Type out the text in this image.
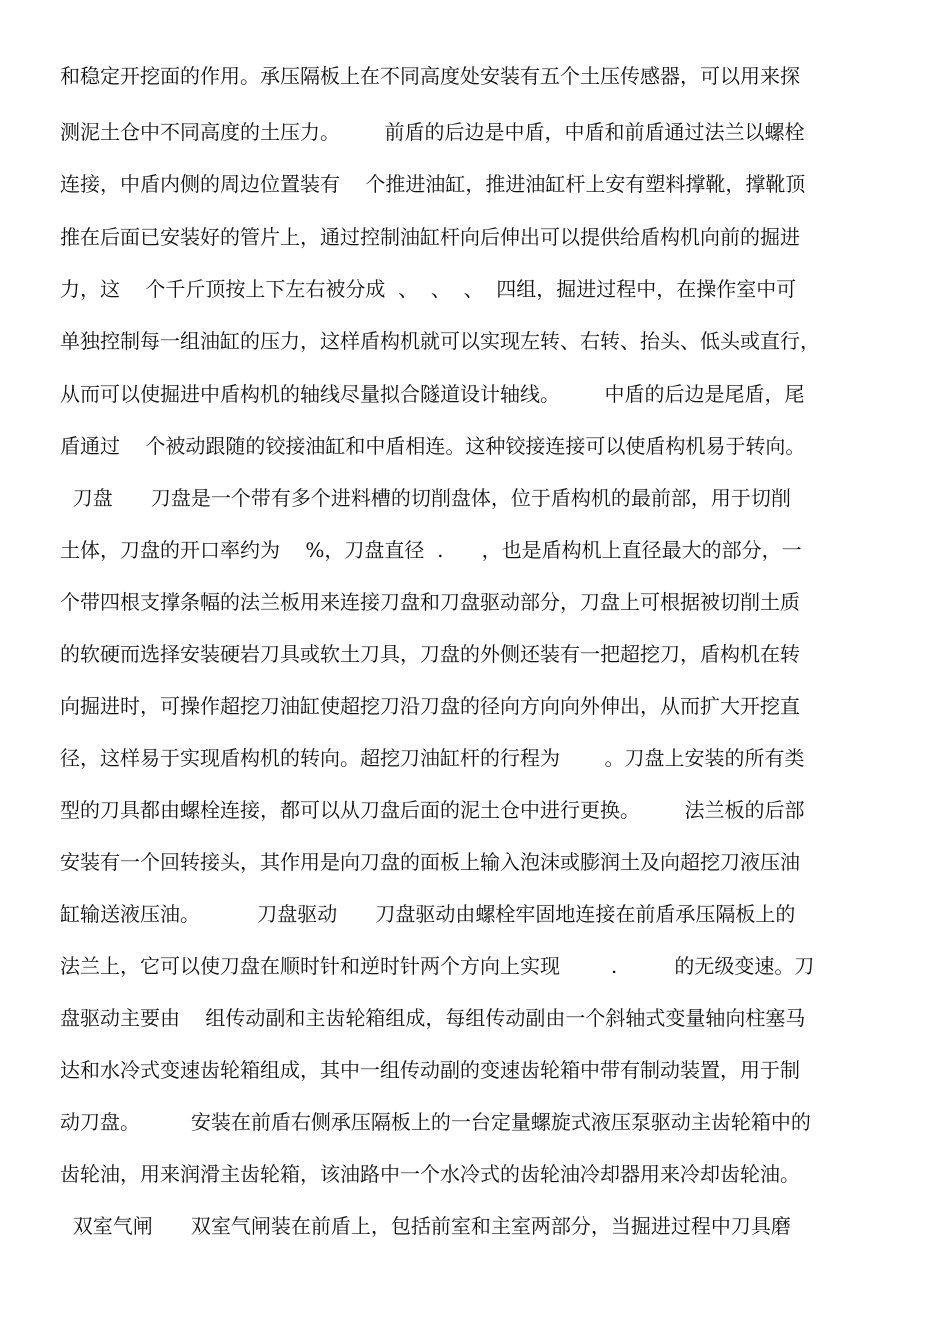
和稳定开挖面的作用。承压隔板上在不同高度处安装有五个土压传感器，可以用来探
测泥土仓中不同高度的土压力。       前盾的后边是中盾，中盾和前盾通过法兰以螺栓
连接，中盾内侧的周边位置装有    个推进油缸，推进油缸杆上安有塑料撑靴，撑靴顶
推在后面已安装好的管片上，通过控制油缸杆向后伸出可以提供给盾构机向前的掘进
力，这    个千斤顶按上下左右被分成  、  、  、  四组，掘进过程中，在操作室中可
单独控制每一组油缸的压力，这样盾构机就可以实现左转、右转、抬头、低头或直行，
从而可以使掘进中盾构机的轴线尽量拟合隧道设计轴线。       中盾的后边是尾盾，尾
盾通过    个被动跟随的铰接油缸和中盾相连。这种铰接连接可以使盾构机易于转向。
刀盘      刀盘是一个带有多个进料槽的切削盘体，位于盾构机的最前部，用于切削
土体，刀盘的开口率约为    %，刀盘直径  .      ，也是盾构机上直径最大的部分，一
个带四根支撑条幅的法兰板用来连接刀盘和刀盘驱动部分，刀盘上可根据被切削土质
的软硬而选择安装硬岩刀具或软土刀具，刀盘的外侧还装有一把超挖刀，盾构机在转
向掘进时，可操作超挖刀油缸使超挖刀沿刀盘的径向方向向外伸出，从而扩大开挖直
径，这样易于实现盾构机的转向。超挖刀油缸杆的行程为       。刀盘上安装的所有类
型的刀具都由螺栓连接，都可以从刀盘后面的泥土仓中进行更换。       法兰板的后部
安装有一个回转接头，其作用是向刀盘的面板上输入泡沫或膨润土及向超挖刀液压油
缸输送液压油。         刀盘驱动      刀盘驱动由螺栓牢固地连接在前盾承压隔板上的
法兰上，它可以使刀盘在顺时针和逆时针两个方向上实现        .         的无级变速。刀
盘驱动主要由    组传动副和主齿轮箱组成，每组传动副由一个斜轴式变量轴向柱塞马
达和水冷式变速齿轮箱组成，其中一组传动副的变速齿轮箱中带有制动装置，用于制
动刀盘。        安装在前盾右侧承压隔板上的一台定量螺旋式液压泵驱动主齿轮箱中的
齿轮油，用来润滑主齿轮箱，该油路中一个水冷式的齿轮油冷却器用来冷却齿轮油。
双室气闸      双室气闸装在前盾上，包括前室和主室两部分，当掘进过程中刀具磨
